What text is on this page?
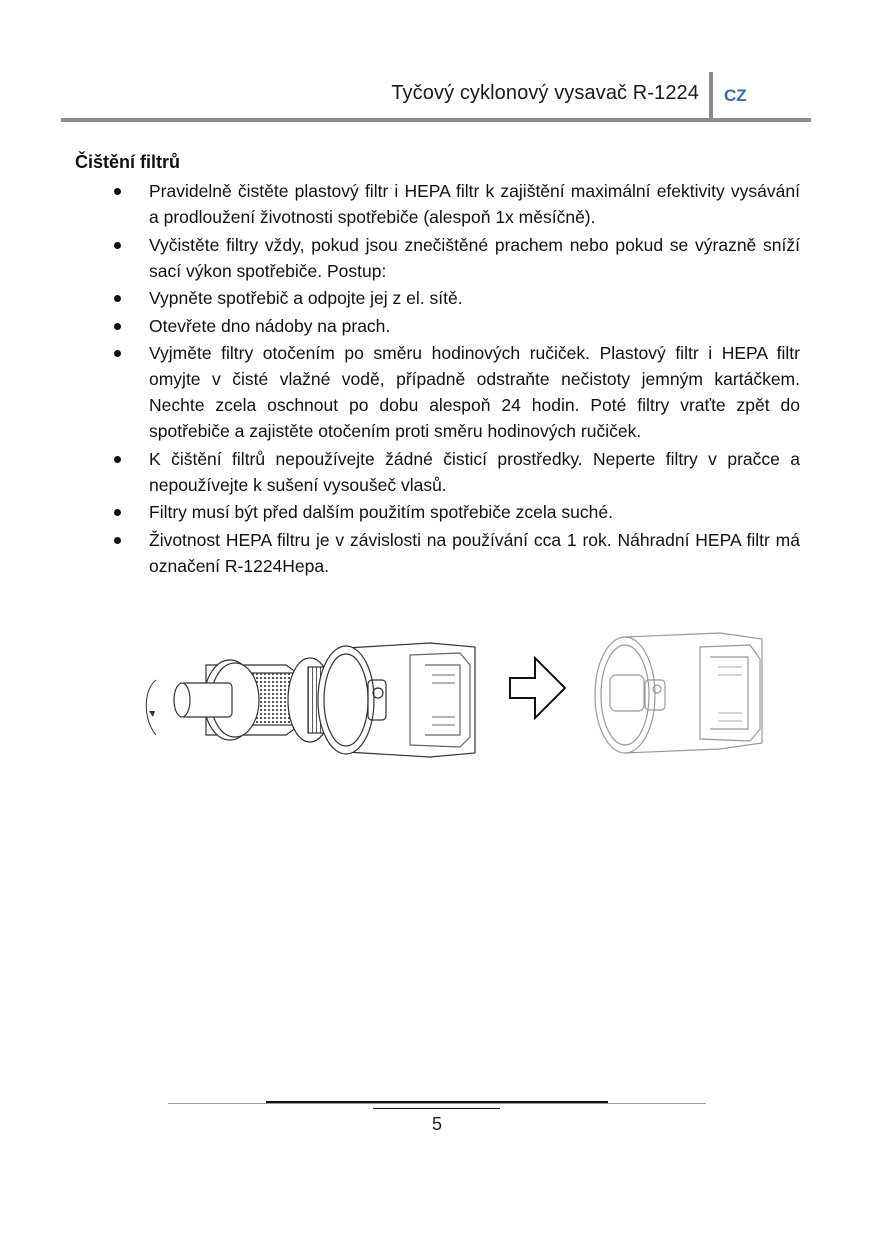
Tyčový cyklonový vysavač R-1224 CZ
Čištění filtrů
Pravidelně čistěte plastový filtr i HEPA filtr k zajištění maximální efektivity vysávání a prodloužení životnosti spotřebiče (alespoň 1x měsíčně).
Vyčistěte filtry vždy, pokud jsou znečištěné prachem nebo pokud se výrazně sníží sací výkon spotřebiče. Postup:
Vypněte spotřebič a odpojte jej z el. sítě.
Otevřete dno nádoby na prach.
Vyjměte filtry otočením po směru hodinových ručiček. Plastový filtr i HEPA filtr omyjte v čisté vlažné vodě, případně odstraňte nečistoty jemným kartáčkem. Nechte zcela oschnout po dobu alespoň 24 hodin. Poté filtry vraťte zpět do spotřebiče a zajistěte otočením proti směru hodinových ručiček.
K čištění filtrů nepoužívejte žádné čisticí prostředky. Neperte filtry v pračce a nepoužívejte k sušení vysoušeč vlasů.
Filtry musí být před dalším použitím spotřebiče zcela suché.
Životnost HEPA filtru je v závislosti na používání cca 1 rok. Náhradní HEPA filtr má označení R-1224Hepa.
5
